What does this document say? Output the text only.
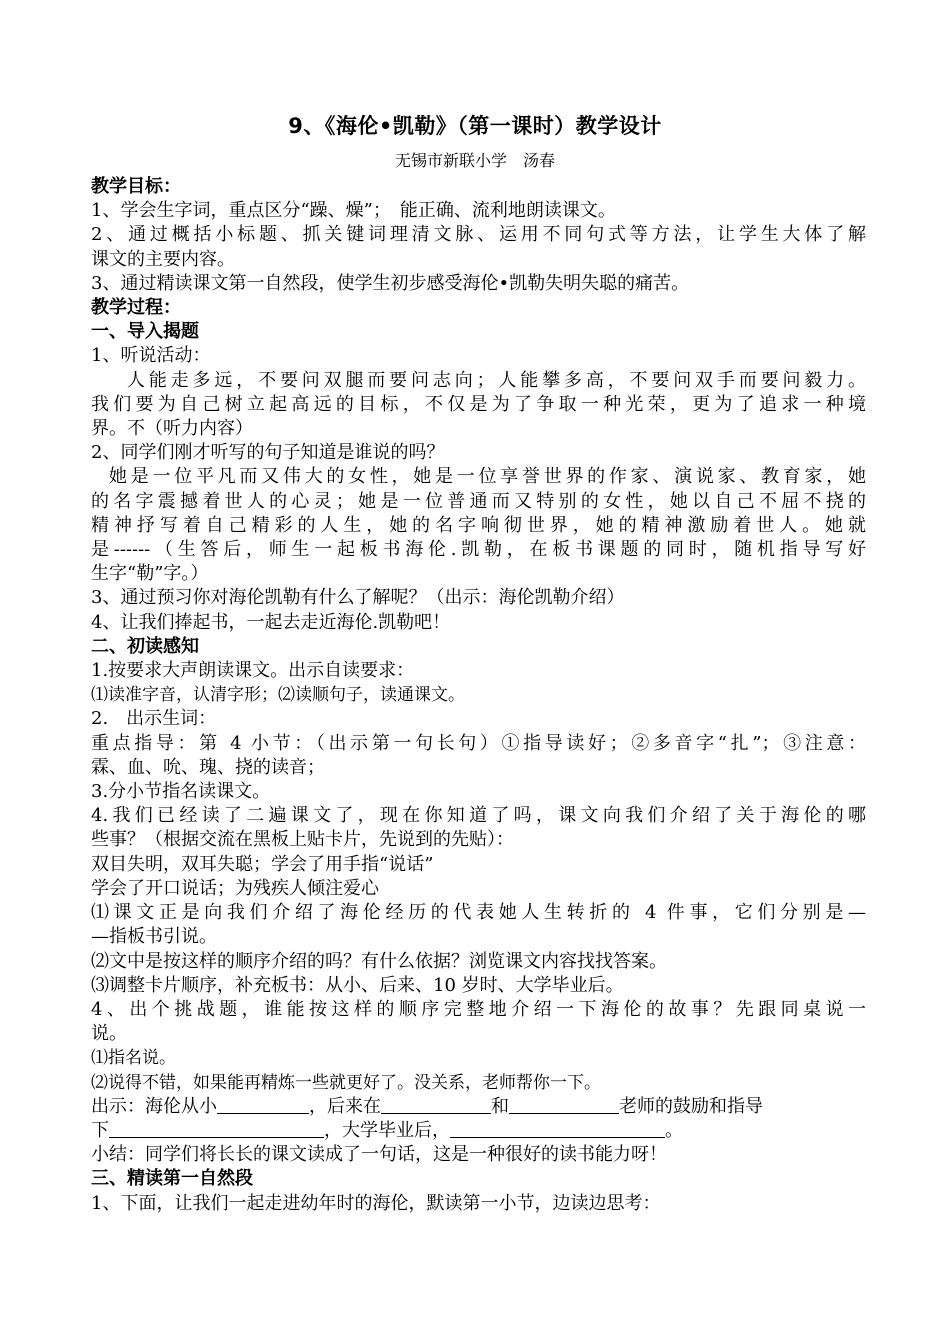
9、《海伦•凯勒》（第一课时）教学设计
无锡市新联小学　汤春
教学目标：
1、学会生字词，重点区分“躁、燥”；　能正确、流利地朗读课文。
2、通过概括小标题、抓关键词理清文脉、运用不同句式等方法，让学生大体了解
课文的主要内容。
3、通过精读课文第一自然段，使学生初步感受海伦•凯勒失明失聪的痛苦。
教学过程：
一、导入揭题
1、听说活动：
人能走多远，不要问双腿而要问志向；人能攀多高，不要问双手而要问毅力。
我们要为自己树立起高远的目标，不仅是为了争取一种光荣，更为了追求一种境
界。不（听力内容）
2、同学们刚才听写的句子知道是谁说的吗？
她是一位平凡而又伟大的女性，她是一位享誉世界的作家、演说家、教育家，她
的名字震撼着世人的心灵；她是一位普通而又特别的女性，她以自己不屈不挠的
精神抒写着自己精彩的人生，她的名字响彻世界，她的精神激励着世人。她就
是------（生答后，师生一起板书海伦.凯勒，在板书课题的同时，随机指导写好
生字“勒”字。）
3、通过预习你对海伦凯勒有什么了解呢？（出示：海伦凯勒介绍）
4、让我们捧起书，一起去走近海伦.凯勒吧！
二、初读感知
1.按要求大声朗读课文。出示自读要求：
⑴读准字音，认清字形；⑵读顺句子，读通课文。
2.　出示生词：
重点指导：第 4 小节：（出示第一句长句）①指导读好；②多音字“扎”；③注意：
霖、血、吮、瑰、挠的读音；
3.分小节指名读课文。
4.我们已经读了二遍课文了，现在你知道了吗，课文向我们介绍了关于海伦的哪
些事？（根据交流在黑板上贴卡片，先说到的先贴）：
双目失明，双耳失聪；学会了用手指“说话”
学会了开口说话；为残疾人倾注爱心
⑴课文正是向我们介绍了海伦经历的代表她人生转折的 4 件事，它们分别是—
—指板书引说。
⑵文中是按这样的顺序介绍的吗？有什么依据？浏览课文内容找找答案。
⑶调整卡片顺序，补充板书：从小、后来、10 岁时、大学毕业后。
4、出个挑战题，谁能按这样的顺序完整地介绍一下海伦的故事？先跟同桌说一
说。
⑴指名说。
⑵说得不错，如果能再精炼一些就更好了。没关系，老师帮你一下。
出示：海伦从小	，后来在	和	老师的鼓励和指导
下	，大学毕业后，	。
小结：同学们将长长的课文读成了一句话，这是一种很好的读书能力呀！
三、精读第一自然段
1、下面，让我们一起走进幼年时的海伦，默读第一小节，边读边思考：
